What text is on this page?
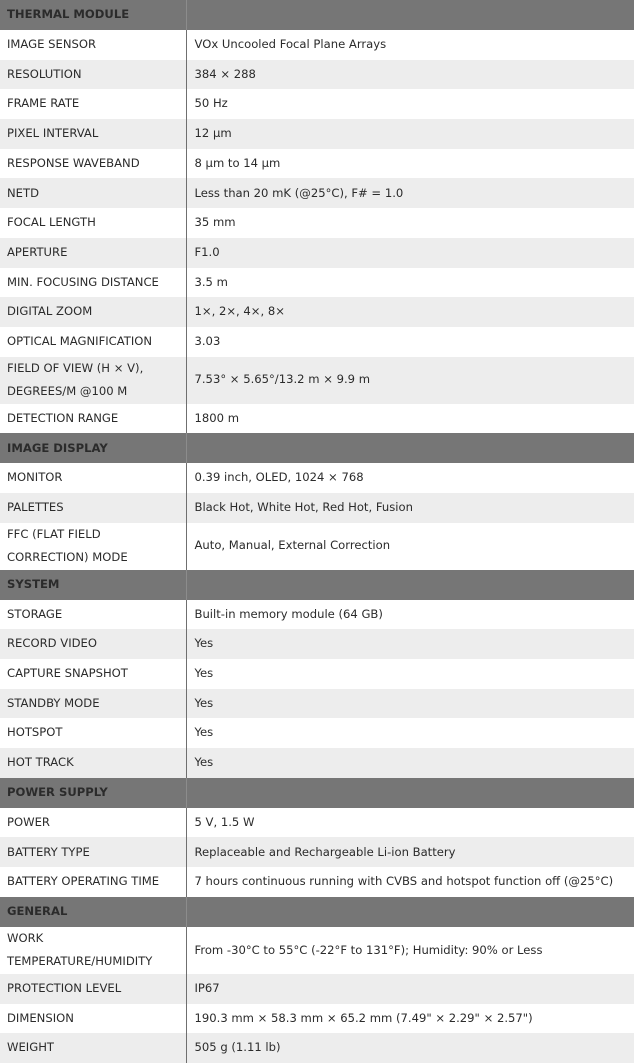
THERMAL MODULE	
IMAGE SENSOR	VOx Uncooled Focal Plane Arrays
RESOLUTION	384 × 288
FRAME RATE	50 Hz
PIXEL INTERVAL	12 μm
RESPONSE WAVEBAND	8 μm to 14 μm
NETD	Less than 20 mK (@25°C), F# = 1.0
FOCAL LENGTH	35 mm
APERTURE	F1.0
MIN. FOCUSING DISTANCE	3.5 m
DIGITAL ZOOM	1×, 2×, 4×, 8×
OPTICAL MAGNIFICATION	3.03
FIELD OF VIEW (H × V), DEGREES/M @100 M	7.53° × 5.65°/13.2 m × 9.9 m
DETECTION RANGE	1800 m
IMAGE DISPLAY	
MONITOR	0.39 inch, OLED, 1024 × 768
PALETTES	Black Hot, White Hot, Red Hot, Fusion
FFC (FLAT FIELD CORRECTION) MODE	Auto, Manual, External Correction
SYSTEM	
STORAGE	Built-in memory module (64 GB)
RECORD VIDEO	Yes
CAPTURE SNAPSHOT	Yes
STANDBY MODE	Yes
HOTSPOT	Yes
HOT TRACK	Yes
POWER SUPPLY	
POWER	5 V, 1.5 W
BATTERY TYPE	Replaceable and Rechargeable Li-ion Battery
BATTERY OPERATING TIME	7 hours continuous running with CVBS and hotspot function off (@25°C)
GENERAL	
WORK TEMPERATURE/HUMIDITY	From -30°C to 55°C (-22°F to 131°F); Humidity: 90% or Less
PROTECTION LEVEL	IP67
DIMENSION	190.3 mm × 58.3 mm × 65.2 mm (7.49" × 2.29" × 2.57")
WEIGHT	505 g (1.11 lb)
